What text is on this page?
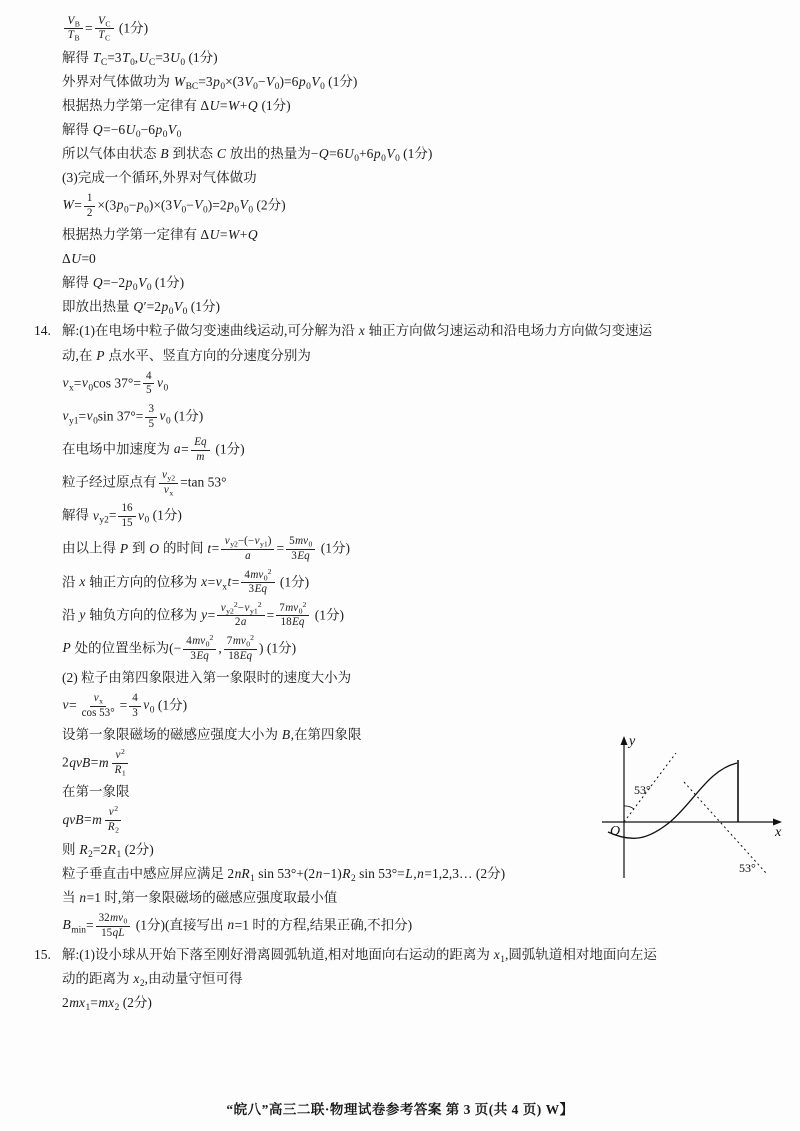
$\frac{V_B}{T_B} = \frac{V_C}{T_C} (1$分)
解得 $T_C=3T_0,U_C=3U_0$ (1分)
外界对气体做功为 $W_{BC}=3p_0\times(3V_0-V_0)=6p_0V_0$ (1分)
根据热力学第一定律有 ΔU=W+Q (1分)
解得 $Q=-6U_0-6p_0V_0$
所以气体由状态 B 到状态 C 放出的热量为$-Q=6U_0+6p_0V_0$ (1分)
(3)完成一个循环,外界对气体做功
$W= \frac{1}{2} \times(3p_0-p_0)\times(3V_0-V_0)=2p_0V_0$ (2分)
根据热力学第一定律有 ΔU=W+Q
ΔU=0
解得 $Q=-2p_0V_0$ (1分)
即放出热量 $Q'=2p_0V_0$ (1分)
14. 解:(1)在电场中粒子做匀变速曲线运动,可分解为沿 x 轴正方向做匀速运动和沿电场力方向做匀变速运
动,在 P 点水平、竖直方向的分速度分别为
$v_x=v_0\cos$ $37^\circ= \frac{4}{5} v_0$
$v_{y1}=v_0\sin$ $37^\circ= \frac{3}{5} v_0$ (1分)
在电场中加速度为 $a= \frac{Eq}{m} (1$分)
粒子经过原点有 $\frac{v_{y2}}{v_x} =\tan$ 53°
解得 $v_{y2}= \frac{16}{15} v_0$ (1分)
由以上得 P 到 O 的时间 $t= \frac{v_{y2}-(-v_{y1})}{a} = \frac{5mv_0}{3Eq} (1$分)
沿 x 轴正方向的位移为 $x=v_xt= \frac{4mv_0^2}{3Eq} (1$分)
沿 y 轴负方向的位移为 $y= \frac{v_{y2}^2-v_{y1}^2}{2a} = \frac{7mv_0^2}{18Eq} (1$分)
P 处的位置坐标为(− $\frac{4mv_0^2}{3Eq}$ , $\frac{7mv_0^2}{18Eq}$ ) (1分)
(2) 粒子由第四象限进入第一象限时的速度大小为
$v= \frac{v_x}{\cos 53^\circ} = \frac{4}{3} v_0$ (1分)
设第一象限磁场的磁感应强度大小为 B,在第四象限
$2qvB=m \frac{v^2}{R_1}$
在第一象限
$qvB=m \frac{v^2}{R_2}$
则 $R_2=2R_1$ (2分)
粒子垂直击中感应屏应满足 $2nR_1$ $\sin 53^\circ+(2n-1)R_2$ sin 53°=L,n=1,2,3… (2分)
当 n=1 时,第一象限磁场的磁感应强度取最小值
$B_{min}= \frac{32mv_0}{15qL} (1$分)(直接写出 n=1 时的方程,结果正确,不扣分)
15. 解:(1)设小球从开始下落至刚好滑离圆弧轨道,相对地面向右运动的距离为 $x_1$,圆弧轨道相对地面向左运
动的距离为 $x_2$,由动量守恒可得
$2mx_1=mx_2$ (2分)
y
x
O
53°
53°
“皖八”高三二联·物理试卷参考答案 第 3 页(共 4 页) W】
